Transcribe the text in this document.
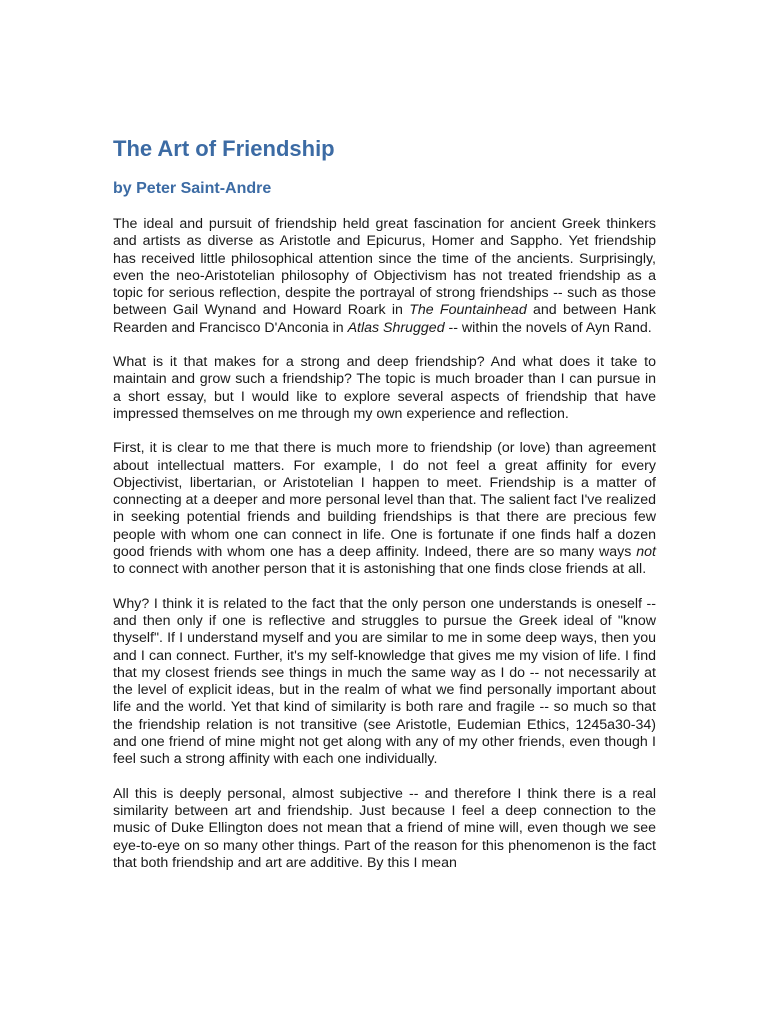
The Art of Friendship
by Peter Saint-Andre

The ideal and pursuit of friendship held great fascination for ancient Greek thinkers and artists as diverse as Aristotle and Epicurus, Homer and Sappho. Yet friendship has received little philosophical attention since the time of the ancients. Surprisingly, even the neo-Aristotelian philosophy of Objectivism has not treated friendship as a topic for serious reflection, despite the portrayal of strong friendships -- such as those between Gail Wynand and Howard Roark in The Fountainhead and between Hank Rearden and Francisco D'Anconia in Atlas Shrugged -- within the novels of Ayn Rand.

What is it that makes for a strong and deep friendship? And what does it take to maintain and grow such a friendship? The topic is much broader than I can pursue in a short essay, but I would like to explore several aspects of friendship that have impressed themselves on me through my own experience and reflection.

First, it is clear to me that there is much more to friendship (or love) than agreement about intellectual matters. For example, I do not feel a great affinity for every Objectivist, libertarian, or Aristotelian I happen to meet. Friendship is a matter of connecting at a deeper and more personal level than that. The salient fact I've realized in seeking potential friends and building friendships is that there are precious few people with whom one can connect in life. One is fortunate if one finds half a dozen good friends with whom one has a deep affinity. Indeed, there are so many ways not to connect with another person that it is astonishing that one finds close friends at all.

Why? I think it is related to the fact that the only person one understands is oneself -- and then only if one is reflective and struggles to pursue the Greek ideal of "know thyself". If I understand myself and you are similar to me in some deep ways, then you and I can connect. Further, it's my self-knowledge that gives me my vision of life. I find that my closest friends see things in much the same way as I do -- not necessarily at the level of explicit ideas, but in the realm of what we find personally important about life and the world. Yet that kind of similarity is both rare and fragile -- so much so that the friendship relation is not transitive (see Aristotle, Eudemian Ethics, 1245a30-34) and one friend of mine might not get along with any of my other friends, even though I feel such a strong affinity with each one individually.

All this is deeply personal, almost subjective -- and therefore I think there is a real similarity between art and friendship. Just because I feel a deep connection to the music of Duke Ellington does not mean that a friend of mine will, even though we see eye-to-eye on so many other things. Part of the reason for this phenomenon is the fact that both friendship and art are additive. By this I mean
